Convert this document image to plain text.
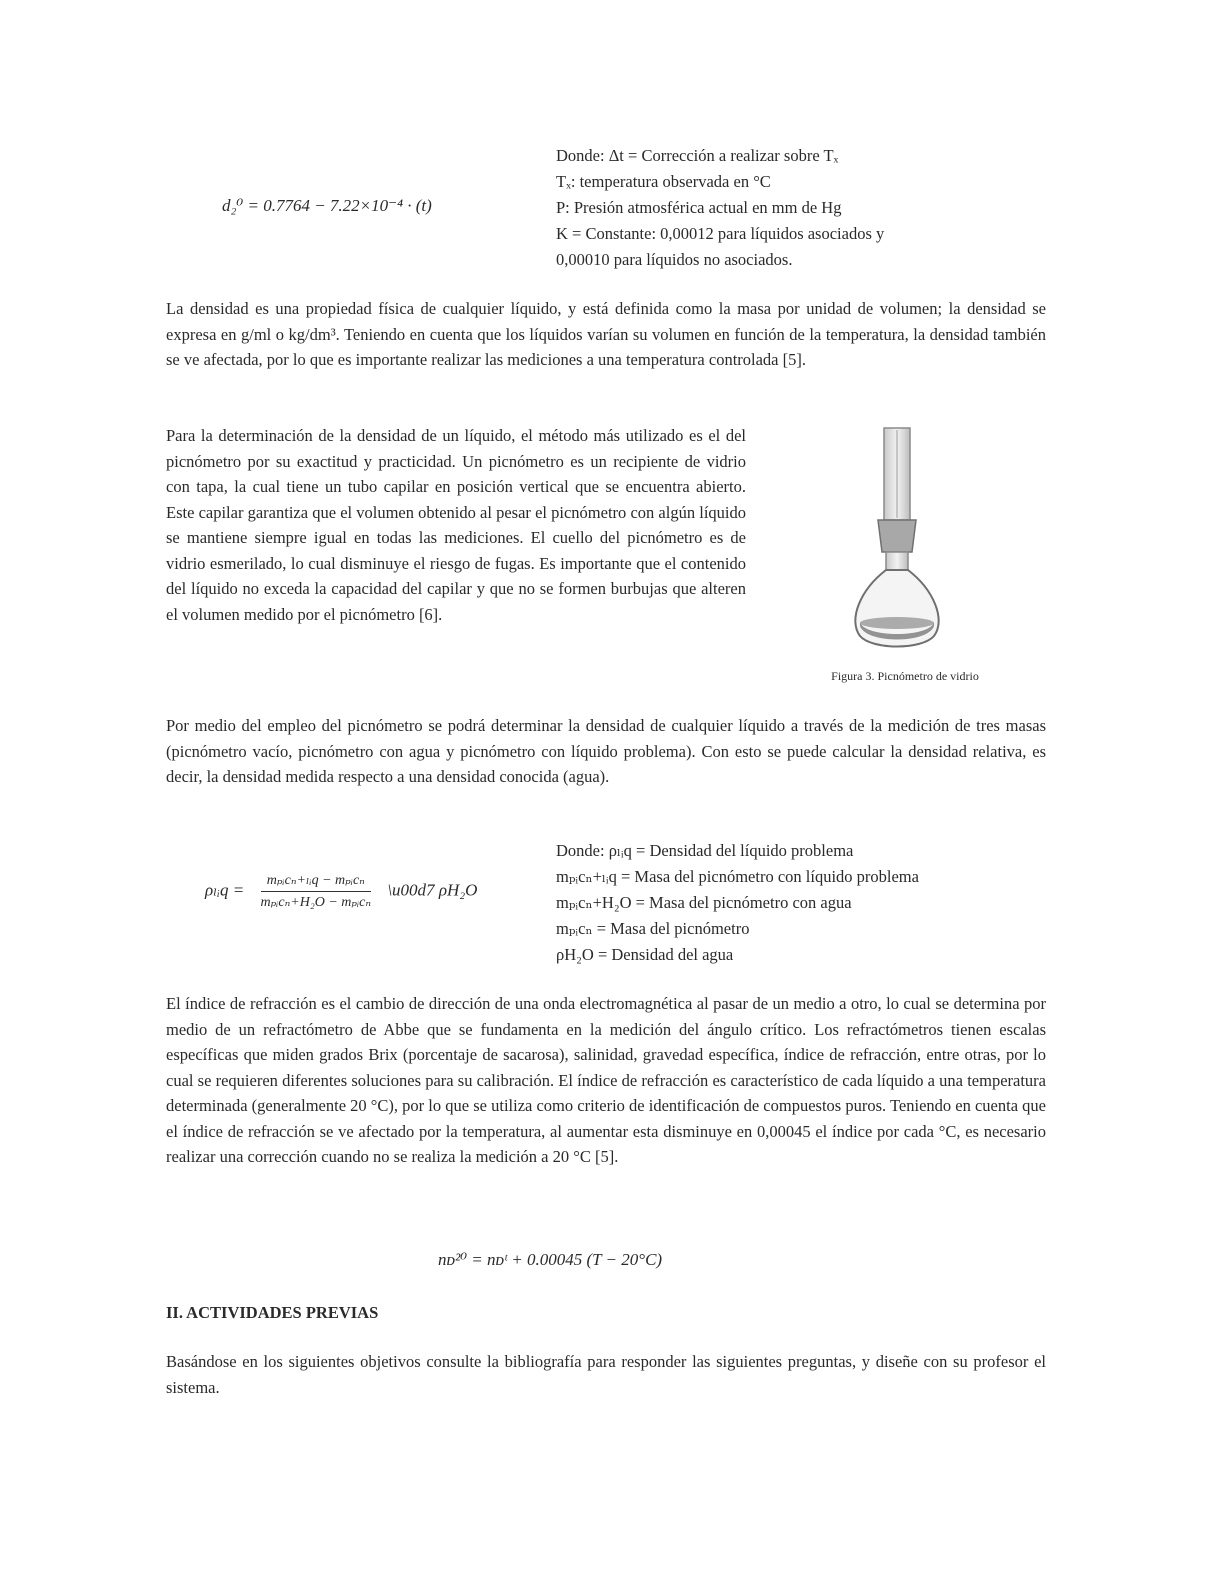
d₂⁰ = 0.7764 − 7.22×10⁻⁴ · (t)

Donde: Δt = Corrección a realizar sobre Tₓ

Tₓ: temperatura observada en °C

P: Presión atmosférica actual en mm de Hg

K = Constante: 0,00012 para líquidos asociados y

0,00010 para líquidos no asociados.

La densidad es una propiedad física de cualquier líquido, y está definida como la masa por unidad de volumen; la densidad se expresa en g/ml o kg/dm³. Teniendo en cuenta que los líquidos varían su volumen en función de la temperatura, la densidad también se ve afectada, por lo que es importante realizar las mediciones a una temperatura controlada [5].

Para la determinación de la densidad de un líquido, el método más utilizado es el del picnómetro por su exactitud y practicidad. Un picnómetro es un recipiente de vidrio con tapa, la cual tiene un tubo capilar en posición vertical que se encuentra abierto. Este capilar garantiza que el volumen obtenido al pesar el picnómetro con algún líquido se mantiene siempre igual en todas las mediciones. El cuello del picnómetro es de vidrio esmerilado, lo cual disminuye el riesgo de fugas. Es importante que el contenido del líquido no exceda la capacidad del capilar y que no se formen burbujas que alteren el volumen medido por el picnómetro [6].

Figura 3. Picnómetro de vidrio

Por medio del empleo del picnómetro se podrá determinar la densidad de cualquier líquido a través de la medición de tres masas (picnómetro vacío, picnómetro con agua y picnómetro con líquido problema). Con esto se puede calcular la densidad relativa, es decir, la densidad medida respecto a una densidad conocida (agua).

ρₗᵢq = $\frac{\text{mₚᵢcₙ+ₗᵢq − mₚᵢcₙ}}{\text{mₚᵢcₙ+H₂O − mₚᵢcₙ}}$ \u00d7 ρH₂O

Donde: ρₗᵢq = Densidad del líquido problema

mₚᵢcₙ+ₗᵢq = Masa del picnómetro con líquido problema

mₚᵢcₙ+H₂O = Masa del picnómetro con agua

mₚᵢcₙ = Masa del picnómetro

ρH₂O = Densidad del agua

El índice de refracción es el cambio de dirección de una onda electromagnética al pasar de un medio a otro, lo cual se determina por medio de un refractómetro de Abbe que se fundamenta en la medición del ángulo crítico. Los refractómetros tienen escalas específicas que miden grados Brix (porcentaje de sacarosa), salinidad, gravedad específica, índice de refracción, entre otras, por lo cual se requieren diferentes soluciones para su calibración. El índice de refracción es característico de cada líquido a una temperatura determinada (generalmente 20 °C), por lo que se utiliza como criterio de identificación de compuestos puros. Teniendo en cuenta que el índice de refracción se ve afectado por la temperatura, al aumentar esta disminuye en 0,00045 el índice por cada °C, es necesario realizar una corrección cuando no se realiza la medición a 20 °C [5].

nᴅ²⁰ = nᴅᵗ + 0.00045 (T − 20°C)
II. ACTIVIDADES PREVIAS

Basándose en los siguientes objetivos consulte la bibliografía para responder las siguientes preguntas, y diseñe con su profesor el sistema.
